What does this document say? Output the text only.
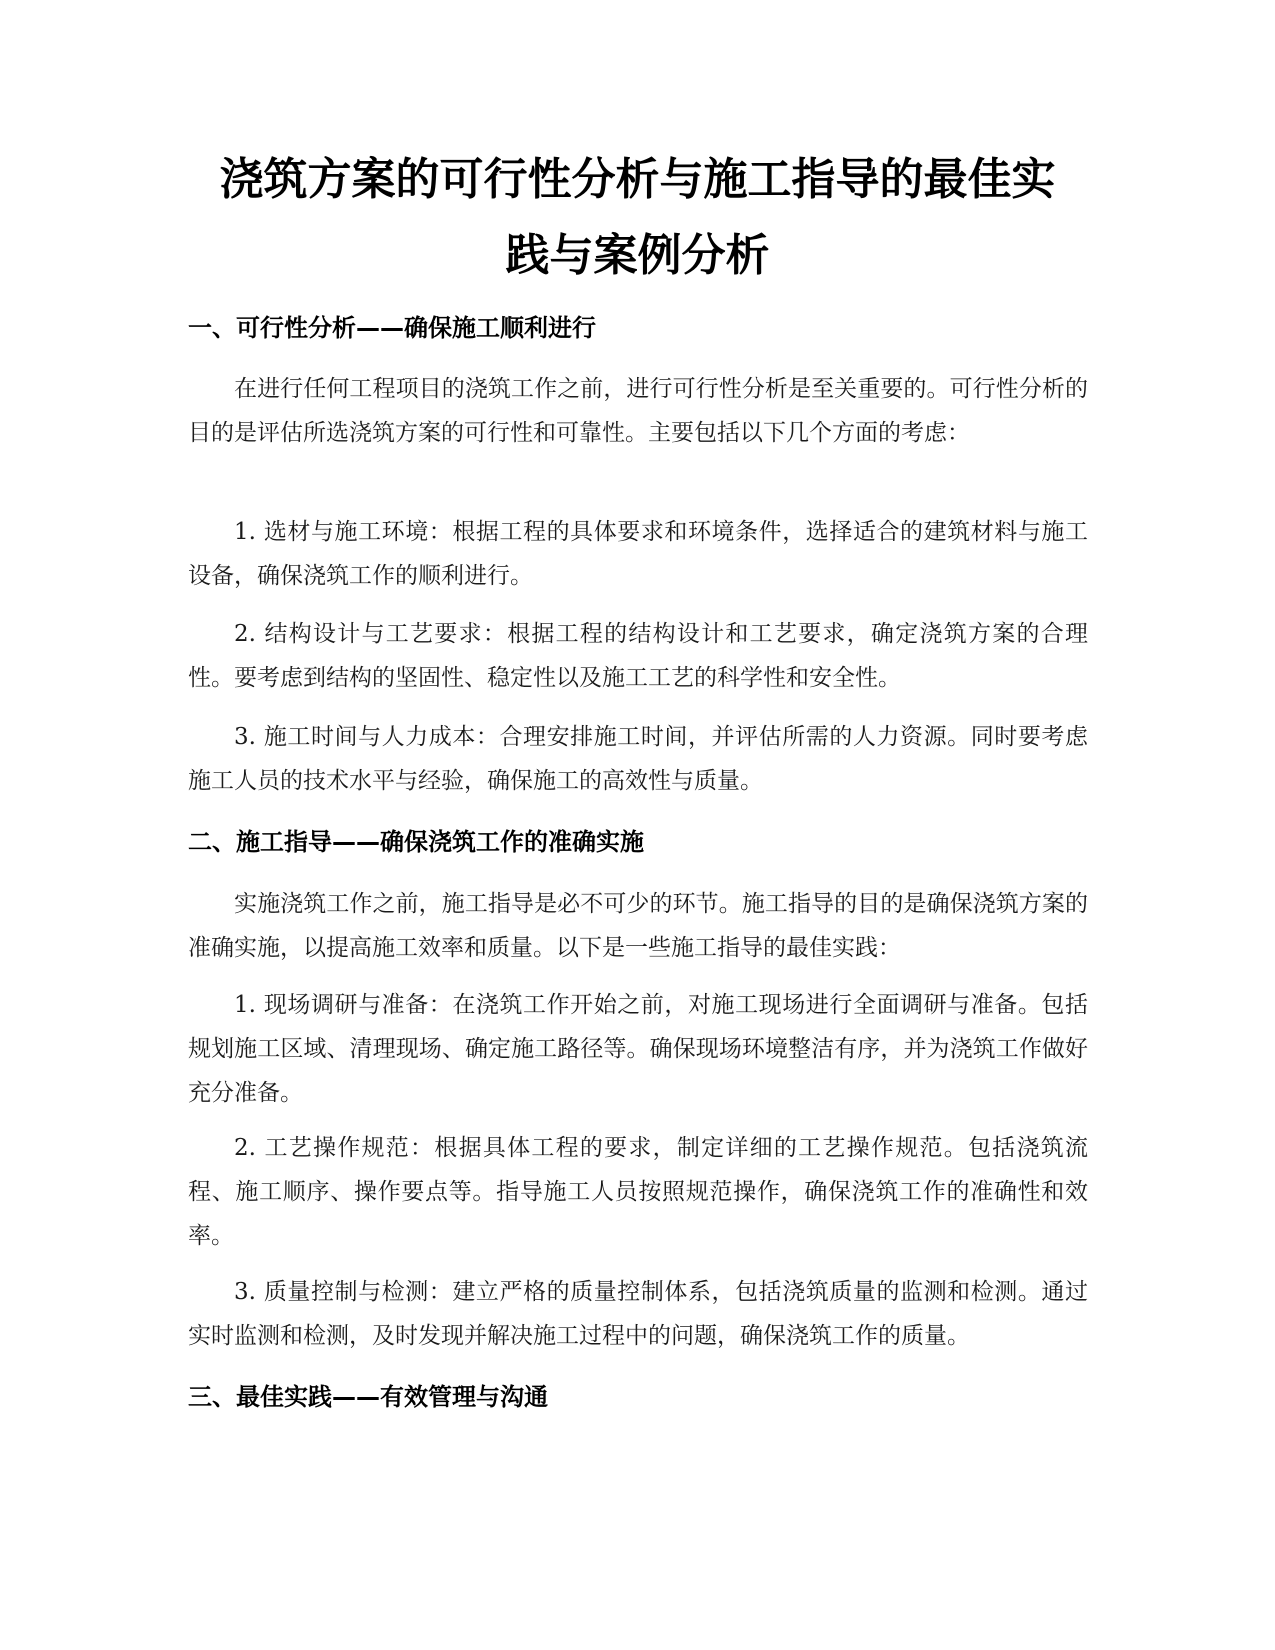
浇筑方案的可行性分析与施工指导的最佳实
践与案例分析
一、可行性分析——确保施工顺利进行

在进行任何工程项目的浇筑工作之前，进行可行性分析是至关重要的。可行性分析的目的是评估所选浇筑方案的可行性和可靠性。主要包括以下几个方面的考虑：

1. 选材与施工环境：根据工程的具体要求和环境条件，选择适合的建筑材料与施工设备，确保浇筑工作的顺利进行。

2. 结构设计与工艺要求：根据工程的结构设计和工艺要求，确定浇筑方案的合理性。要考虑到结构的坚固性、稳定性以及施工工艺的科学性和安全性。

3. 施工时间与人力成本：合理安排施工时间，并评估所需的人力资源。同时要考虑施工人员的技术水平与经验，确保施工的高效性与质量。

二、施工指导——确保浇筑工作的准确实施

实施浇筑工作之前，施工指导是必不可少的环节。施工指导的目的是确保浇筑方案的准确实施，以提高施工效率和质量。以下是一些施工指导的最佳实践：

1. 现场调研与准备：在浇筑工作开始之前，对施工现场进行全面调研与准备。包括规划施工区域、清理现场、确定施工路径等。确保现场环境整洁有序，并为浇筑工作做好充分准备。

2. 工艺操作规范：根据具体工程的要求，制定详细的工艺操作规范。包括浇筑流程、施工顺序、操作要点等。指导施工人员按照规范操作，确保浇筑工作的准确性和效率。

3. 质量控制与检测：建立严格的质量控制体系，包括浇筑质量的监测和检测。通过实时监测和检测，及时发现并解决施工过程中的问题，确保浇筑工作的质量。

三、最佳实践——有效管理与沟通
